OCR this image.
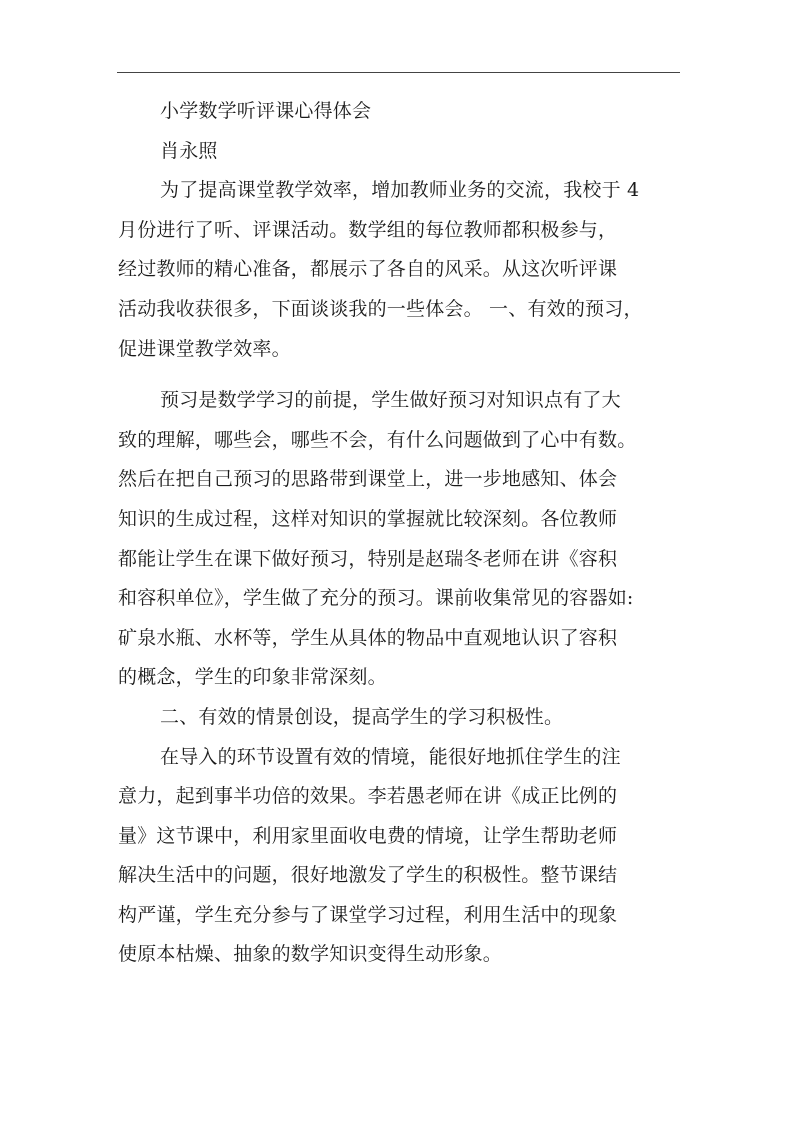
小学数学听评课心得体会
肖永照
为了提高课堂教学效率，增加教师业务的交流，我校于 4
月份进行了听、评课活动。数学组的每位教师都积极参与，
经过教师的精心准备，都展示了各自的风采。从这次听评课
活动我收获很多，下面谈谈我的一些体会。 一、有效的预习，
促进课堂教学效率。
预习是数学学习的前提，学生做好预习对知识点有了大
致的理解，哪些会，哪些不会，有什么问题做到了心中有数。
然后在把自己预习的思路带到课堂上，进一步地感知、体会
知识的生成过程，这样对知识的掌握就比较深刻。各位教师
都能让学生在课下做好预习，特别是赵瑞冬老师在讲《容积
和容积单位》，学生做了充分的预习。课前收集常见的容器如:
矿泉水瓶、水杯等，学生从具体的物品中直观地认识了容积
的概念，学生的印象非常深刻。
二、有效的情景创设，提高学生的学习积极性。
在导入的环节设置有效的情境，能很好地抓住学生的注
意力，起到事半功倍的效果。李若愚老师在讲《成正比例的
量》这节课中，利用家里面收电费的情境，让学生帮助老师
解决生活中的问题，很好地激发了学生的积极性。整节课结
构严谨，学生充分参与了课堂学习过程，利用生活中的现象
使原本枯燥、抽象的数学知识变得生动形象。
